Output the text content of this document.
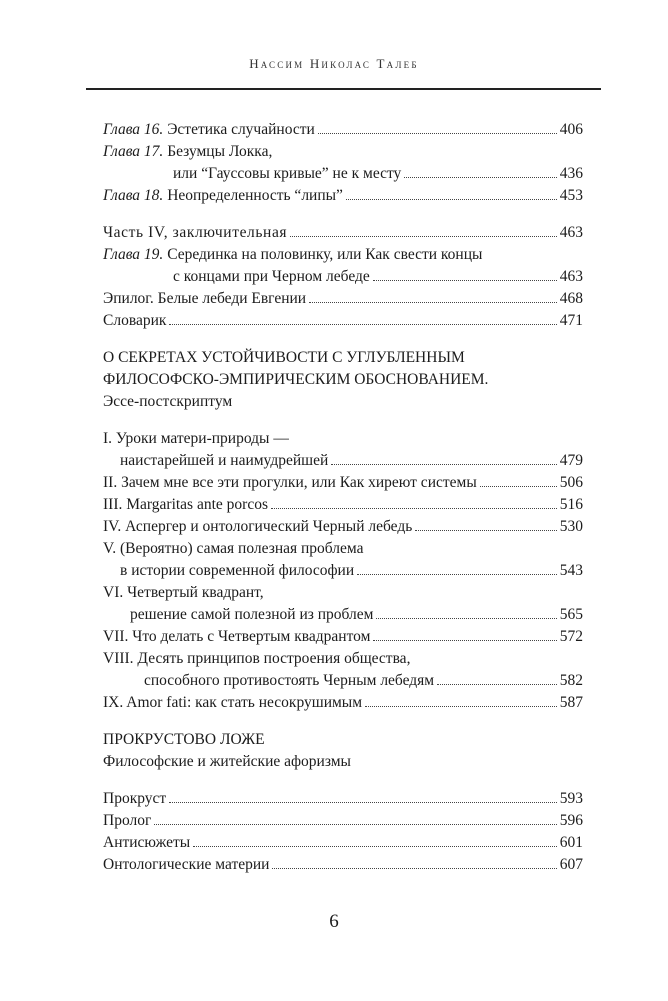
Нассим Николас Талеб
Глава 16. Эстетика случайности	406
Глава 17. Безумцы Локка,
или “Гауссовы кривые” не к месту	436
Глава 18. Неопределенность “липы”	453
Часть IV, заключительная	463
Глава 19. Серединка на половинку, или Как свести концы
с концами при Черном лебеде	463
Эпилог. Белые лебеди Евгении	468
Словарик	471
О СЕКРЕТАХ УСТОЙЧИВОСТИ С УГЛУБЛЕННЫМ
ФИЛОСОФСКО-ЭМПИРИЧЕСКИМ ОБОСНОВАНИЕМ.
Эссе-постскриптум
I. Уроки матери-природы —
наистарейшей и наимудрейшей	479
II. Зачем мне все эти прогулки, или Как хиреют системы	506
III. Margaritas ante porcos	516
IV. Аспергер и онтологический Черный лебедь	530
V. (Вероятно) самая полезная проблема
в истории современной философии	543
VI. Четвертый квадрант,
решение самой полезной из проблем	565
VII. Что делать с Четвертым квадрантом	572
VIII. Десять принципов построения общества,
способного противостоять Черным лебедям	582
IX. Amor fati: как стать несокрушимым	587
ПРОКРУСТОВО ЛОЖЕ
Философские и житейские афоризмы
Прокруст	593
Пролог	596
Антисюжеты	601
Онтологические материи	607
6
